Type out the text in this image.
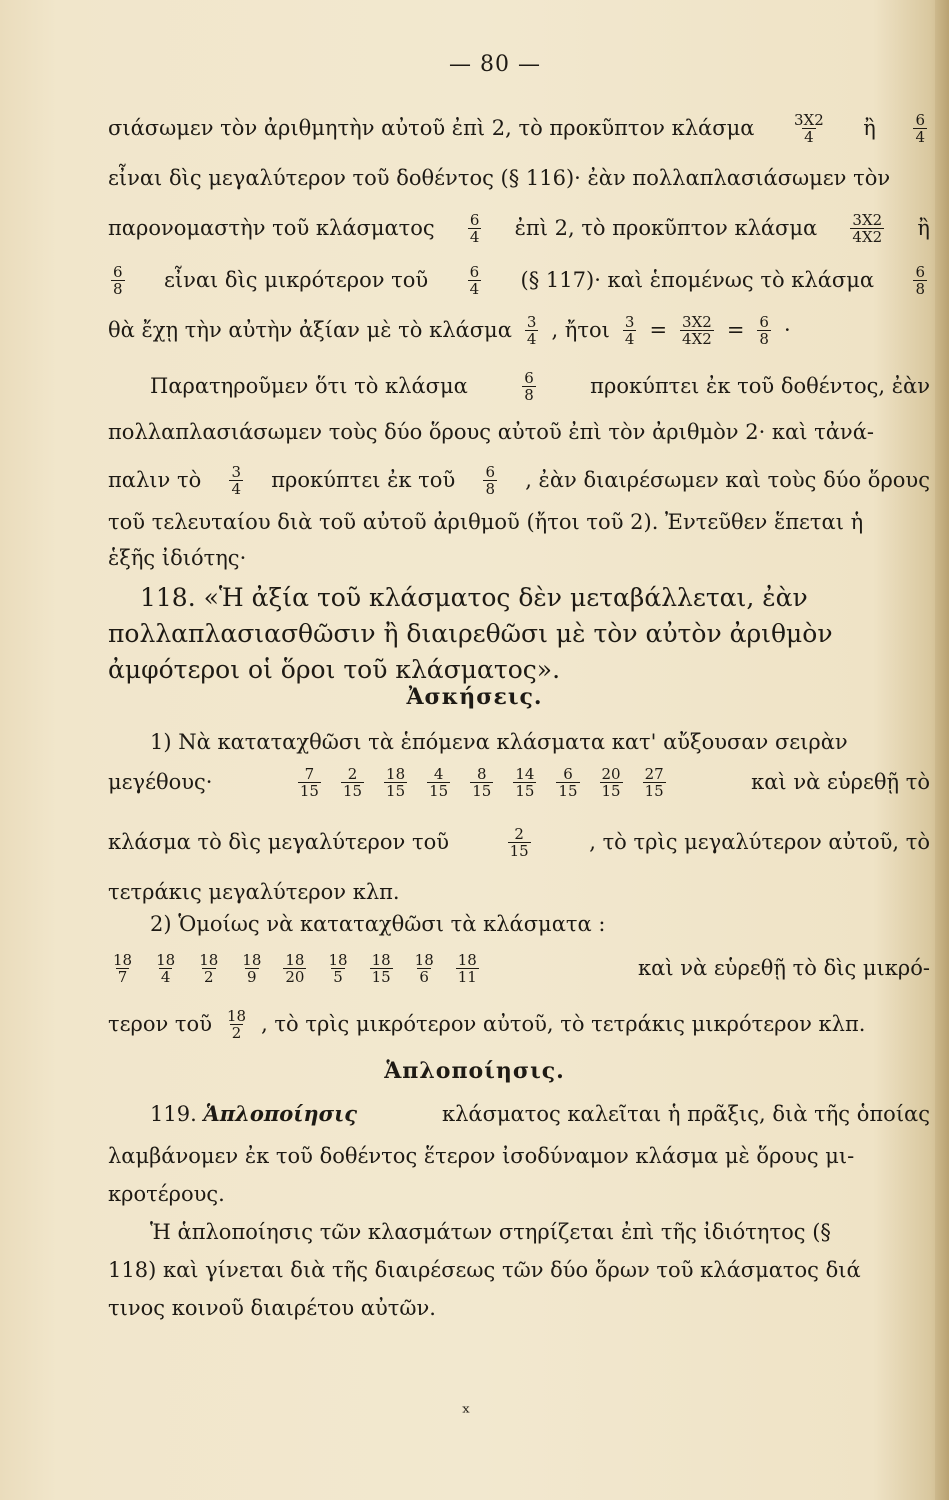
— 80 —
σιάσωμεν τὸν ἀριθμητὴν αὐτοῦ ἐπὶ 2, τὸ προκῦπτον κλάσμα	$\frac{3X2}{4}$ ἢ	$\frac{6}{4}$
εἶναι δὶς μεγαλύτερον τοῦ δοθέντος (§ 116)· ἐὰν πολλαπλασιάσωμεν τὸν
παρονομαστὴν τοῦ κλάσματος $\frac{6}{4}$ ἐπὶ 2, τὸ προκῦπτον κλάσμα $\frac{3X2}{4X2}$ ἢ
$\frac{6}{8}$ εἶναι δὶς μικρότερον τοῦ	$\frac{6}{4}$ (§ 117)· καὶ ἑπομένως τὸ κλάσμα	$\frac{6}{8}$
θὰ ἔχῃ τὴν αὐτὴν ἀξίαν μὲ τὸ κλάσμα $\frac{3}{4}$ , ἤτοι $\frac{3}{4} = \frac{3X2}{4X2} = \frac{6}{8}$ ·
Παρατηροῦμεν ὅτι τὸ κλάσμα	$\frac{6}{8}$	προκύπτει ἐκ τοῦ δοθέντος, ἐὰν
πολλαπλασιάσωμεν τοὺς δύο ὅρους αὐτοῦ ἐπὶ τὸν ἀριθμὸν 2· καὶ τἀνά-
παλιν τὸ $\frac{3}{4}$ προκύπτει ἐκ τοῦ $\frac{6}{8}$ , ἐὰν διαιρέσωμεν καὶ τοὺς δύο ὅρους
τοῦ τελευταίου διὰ τοῦ αὐτοῦ ἀριθμοῦ (ἤτοι τοῦ 2). Ἐντεῦθεν ἕπεται ἡ
ἑξῆς ἰδιότης·
118. «Ἡ ἀξία τοῦ κλάσματος δὲν μεταβάλλεται, ἐὰν
πολλαπλασιασθῶσιν ἢ διαιρεθῶσι μὲ τὸν αὐτὸν ἀριθμὸν
ἀμφότεροι οἱ ὅροι τοῦ κλάσματος».
Ἀσκήσεις.
1) Νὰ καταταχθῶσι τὰ ἑπόμενα κλάσματα κατ' αὔξουσαν σειρὰν
μεγέθους·	$\frac{7}{15} \frac{2}{15} \frac{18}{15} \frac{4}{15} \frac{8}{15} \frac{14}{15} \frac{6}{15} \frac{20}{15} \frac{27}{15}$	καὶ νὰ εὑρεθῇ τὸ
κλάσμα τὸ δὶς μεγαλύτερον τοῦ	$\frac{2}{15}$	, τὸ τρὶς μεγαλύτερον αὐτοῦ, τὸ
τετράκις μεγαλύτερον κλπ.
2) Ὁμοίως νὰ καταταχθῶσι τὰ κλάσματα :
$\frac{18}{7} \frac{18}{4} \frac{18}{2} \frac{18}{9} \frac{18}{20} \frac{18}{5} \frac{18}{15} \frac{18}{6} \frac{18}{11}$	καὶ νὰ εὑρεθῇ τὸ δὶς μικρό-
τερον τοῦ $\frac{18}{2}$ , τὸ τρὶς μικρότερον αὐτοῦ, τὸ τετράκις μικρότερον κλπ.
Ἁπλοποίησις.
119. Ἁπλοποίησις	κλάσματος καλεῖται ἡ πρᾶξις, διὰ τῆς ὁποίας
λαμβάνομεν ἐκ τοῦ δοθέντος ἕτερον ἰσοδύναμον κλάσμα μὲ ὅρους μι-
κροτέρους.
Ἡ ἁπλοποίησις τῶν κλασμάτων στηρίζεται ἐπὶ τῆς ἰδιότητος (§
118) καὶ γίνεται διὰ τῆς διαιρέσεως τῶν δύο ὅρων τοῦ κλάσματος διά
τινος κοινοῦ διαιρέτου αὐτῶν.
ˣ
